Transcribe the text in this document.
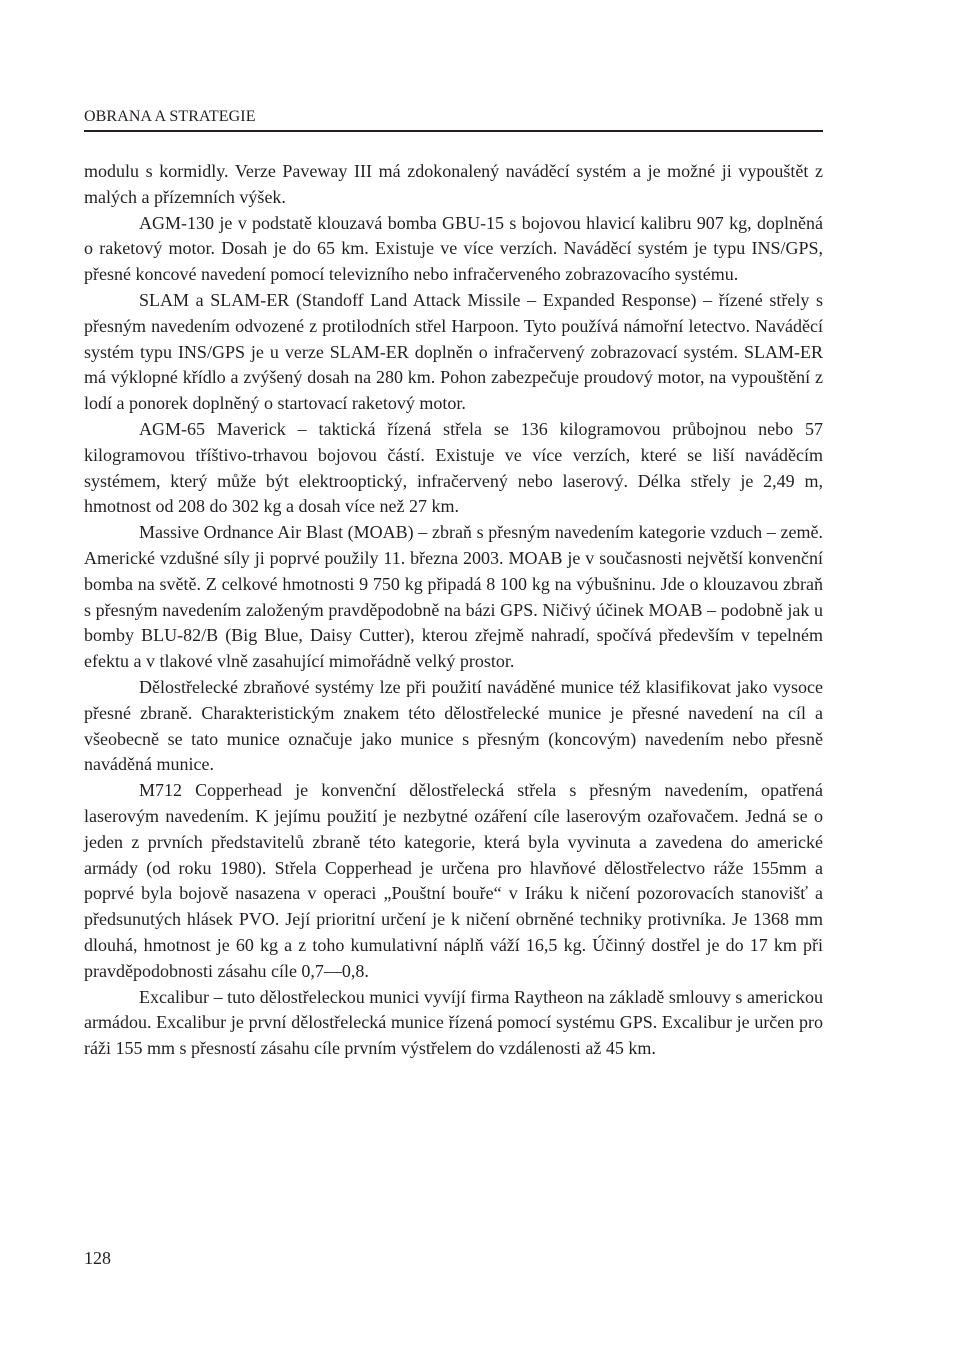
OBRANA A STRATEGIE

modulu s kormidly. Verze Paveway III má zdokonalený naváděcí systém a je možné ji vypouštět z malých a přízemních výšek.

AGM-130 je v podstatě klouzavá bomba GBU-15 s bojovou hlavicí kalibru 907 kg, doplněná o raketový motor. Dosah je do 65 km. Existuje ve více verzích. Naváděcí systém je typu INS/GPS, přesné koncové navedení pomocí televizního nebo infračerveného zobrazovacího systému.

SLAM a SLAM-ER (Standoff Land Attack Missile – Expanded Response) – řízené střely s přesným navedením odvozené z protilodních střel Harpoon. Tyto používá námořní letectvo. Naváděcí systém typu INS/GPS je u verze SLAM-ER doplněn o infračervený zobrazovací systém. SLAM-ER má výklopné křídlo a zvýšený dosah na 280 km. Pohon zabezpečuje proudový motor, na vypouštění z lodí a ponorek doplněný o startovací raketový motor.

AGM-65 Maverick – taktická řízená střela se 136 kilogramovou průbojnou nebo 57 kilogramovou tříštivo-trhavou bojovou částí. Existuje ve více verzích, které se liší naváděcím systémem, který může být elektrooptický, infračervený nebo laserový. Délka střely je 2,49 m, hmotnost od 208 do 302 kg a dosah více než 27 km.

Massive Ordnance Air Blast (MOAB) – zbraň s přesným navedením kategorie vzduch – země. Americké vzdušné síly ji poprvé použily 11. března 2003. MOAB je v současnosti největší konvenční bomba na světě. Z celkové hmotnosti 9 750 kg připadá 8 100 kg na výbušninu. Jde o klouzavou zbraň s přesným navedením založeným pravděpodobně na bázi GPS. Ničivý účinek MOAB – podobně jak u bomby BLU-82/B (Big Blue, Daisy Cutter), kterou zřejmě nahradí, spočívá především v tepelném efektu a v tlakové vlně zasahující mimořádně velký prostor.

Dělostřelecké zbraňové systémy lze při použití naváděné munice též klasifikovat jako vysoce přesné zbraně. Charakteristickým znakem této dělostřelecké munice je přesné navedení na cíl a všeobecně se tato munice označuje jako munice s přesným (koncovým) navedením nebo přesně naváděná munice.

M712 Copperhead je konvenční dělostřelecká střela s přesným navedením, opatřená laserovým navedením. K jejímu použití je nezbytné ozáření cíle laserovým ozařovačem. Jedná se o jeden z prvních představitelů zbraně této kategorie, která byla vyvinuta a zavedena do americké armády (od roku 1980). Střela Copperhead je určena pro hlavňové dělostřelectvo ráže 155mm a poprvé byla bojově nasazena v operaci „Pouštní bouře“ v Iráku k ničení pozorovacích stanovišť a předsunutých hlásek PVO. Její prioritní určení je k ničení obrněné techniky protivníka. Je 1368 mm dlouhá, hmotnost je 60 kg a z toho kumulativní náplň váží 16,5 kg. Účinný dostřel je do 17 km při pravděpodobnosti zásahu cíle 0,7—0,8.

Excalibur – tuto dělostřeleckou munici vyvíjí firma Raytheon na základě smlouvy s americkou armádou. Excalibur je první dělostřelecká munice řízená pomocí systému GPS. Excalibur je určen pro ráži 155 mm s přesností zásahu cíle prvním výstřelem do vzdálenosti až 45 km.

128
